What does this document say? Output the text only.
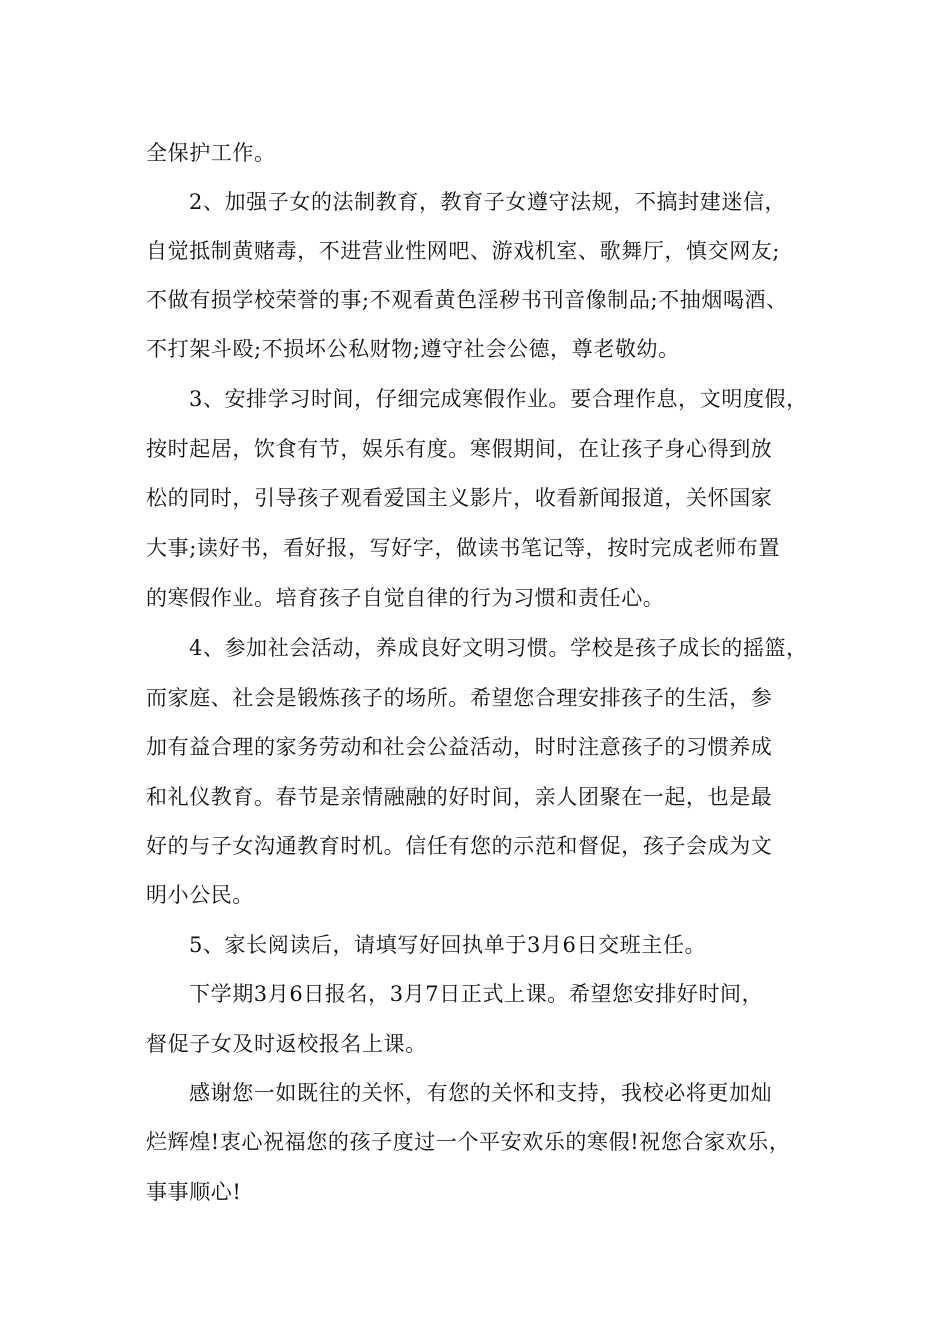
全保护工作。
2、加强子女的法制教育，教育子女遵守法规，不搞封建迷信，
自觉抵制黄赌毒，不进营业性网吧、游戏机室、歌舞厅，慎交网友;
不做有损学校荣誉的事;不观看黄色淫秽书刊音像制品;不抽烟喝酒、
不打架斗殴;不损坏公私财物;遵守社会公德，尊老敬幼。
3、安排学习时间，仔细完成寒假作业。要合理作息，文明度假，
按时起居，饮食有节，娱乐有度。寒假期间，在让孩子身心得到放
松的同时，引导孩子观看爱国主义影片，收看新闻报道，关怀国家
大事;读好书，看好报，写好字，做读书笔记等，按时完成老师布置
的寒假作业。培育孩子自觉自律的行为习惯和责任心。
4、参加社会活动，养成良好文明习惯。学校是孩子成长的摇篮，
而家庭、社会是锻炼孩子的场所。希望您合理安排孩子的生活，参
加有益合理的家务劳动和社会公益活动，时时注意孩子的习惯养成
和礼仪教育。春节是亲情融融的好时间，亲人团聚在一起，也是最
好的与子女沟通教育时机。信任有您的示范和督促，孩子会成为文
明小公民。
5、家长阅读后，请填写好回执单于3月6日交班主任。
下学期3月6日报名，3月7日正式上课。希望您安排好时间，
督促子女及时返校报名上课。
感谢您一如既往的关怀，有您的关怀和支持，我校必将更加灿
烂辉煌!衷心祝福您的孩子度过一个平安欢乐的寒假!祝您合家欢乐，
事事顺心!
